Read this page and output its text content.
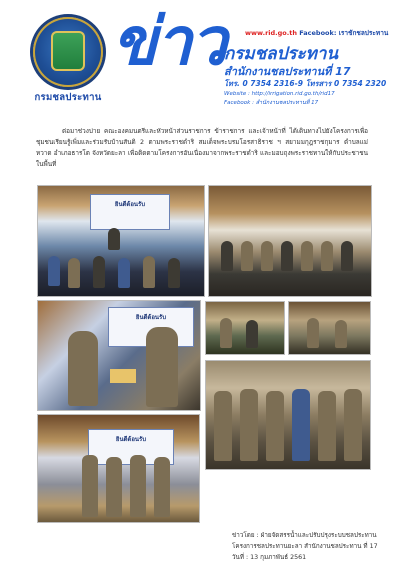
กรมชลประทาน
ข่าว	www.rid.go.th Facebook: เราชักชลประทาน
กรมชลประทาน
สำนักงานชลประทานที่ 17
โทร. 0 7354 2316-9 โทรสาร 0 7354 2320
Website : http://irrigation.rid.go.th/rid17
Facebook : สำนักงานชลประทานที่ 17

ต่อมาช่วงบ่าย คณะองคมนตรีและหัวหน้าส่วนราชการ ข้าราชการ และเจ้าหน้าที่ ได้เดินทางไปยังโครงการเพื่อชุมชนเรียนรู้เพิ่มและร่วมรับบ้านสันติ 2 ตามพระราชดำริ สมเด็จพระบรมโอรสาธิราช ฯ สยามมกุฎราชกุมาร ตำบลแม่หวาด อำเภอธารโต จังหวัดยะลา เพื่อติดตามโครงการอันเนื่องมาจากพระราชดำริ และมอบถุงพระราชทานให้กับประชาชนในพื้นที่

ยินดีต้อนรับ
ยินดีต้อนรับ
ยินดีต้อนรับ
ข่าวโดย : ฝ่ายจัดสรรน้ำและปรับปรุงระบบชลประทาน
โครงการชลประทานยะลา สำนักงานชลประทาน ที่ 17
วันที่ : 13 กุมภาพันธ์ 2561
